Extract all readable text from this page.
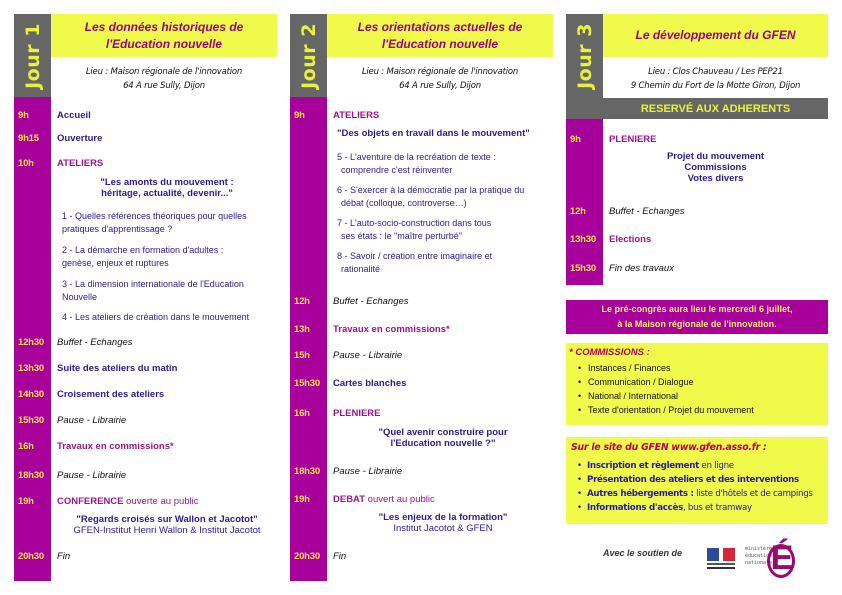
Jour 1	Les données historiques de
l'Education nouvelle
Lieu : Maison régionale de l'innovation
64 A rue Sully, Dijon
9h	Accueil
9h15 Ouverture
10h ATELIERS
"Les amonts du mouvement :
héritage, actualité, devenir..."
1 - Quelles références théoriques pour quelles
pratiques d'apprentissage ?
2 - La démarche en formation d'adultes :
genèse, enjeux et ruptures
3 - La dimension internationale de l'Education
Nouvelle
4 - Les ateliers de création dans le mouvement
12h30 Buffet - Echanges
13h30 Suite des ateliers du matin
14h30 Croisement des ateliers
15h30 Pause - Librairie
16h Travaux en commissions*
18h30 Pause - Librairie
19h CONFERENCE ouverte au public
"Regards croisés sur Wallon et Jacotot"
GFEN-Institut Henri Wallon & Institut Jacotot
20h30 Fin
Jour 2	Les orientations actuelles de
l'Education nouvelle
Lieu : Maison régionale de l'innovation
64 A rue Sully, Dijon
9h	ATELIERS
"Des objets en travail dans le mouvement"
5 - L'aventure de la recréation de texte :
comprendre c'est réinventer
6 - S'exercer à la démocratie par la pratique du
débat (colloque, controverse…)
7 - L'auto-socio-construction dans tous
ses états : le "maître perturbé"
8 - Savoir / création entre imaginaire et
rationalité
12h Buffet - Echanges
13h Travaux en commissions*
15h Pause - Librairie
15h30 Cartes blanches
16h PLENIERE
"Quel avenir construire pour
l'Education nouvelle ?"
18h30 Pause - Librairie
19h DEBAT ouvert au public
"Les enjeux de la formation"
Institut Jacotot & GFEN
20h30 Fin
Jour 3	Le développement du GFEN
Lieu : Clos Chauveau / Les PEP21
9 Chemin du Fort de la Motte Giron, Dijon
RESERVÉ AUX ADHERENTS
9h	PLENIERE
Projet du mouvement
Commissions
Votes divers
12h Buffet - Echanges
13h30 Elections
15h30 Fin des travaux
Le pré-congrès aura lieu le mercredi 6 juillet,
à la Maison régionale de l'innovation.
* COMMISSIONS :
• Instances / Finances
• Communication / Dialogue
• National / International
• Texte d'orientation / Projet du mouvement
Sur le site du GFEN www.gfen.asso.fr :
• Inscription et règlement en ligne
• Présentation des ateliers et des interventions
• Autres hébergements : liste d'hôtels et de campings
• Informations d'accès, bus et tramway
Avec le soutien de	ministère
éducation
nationale
É
